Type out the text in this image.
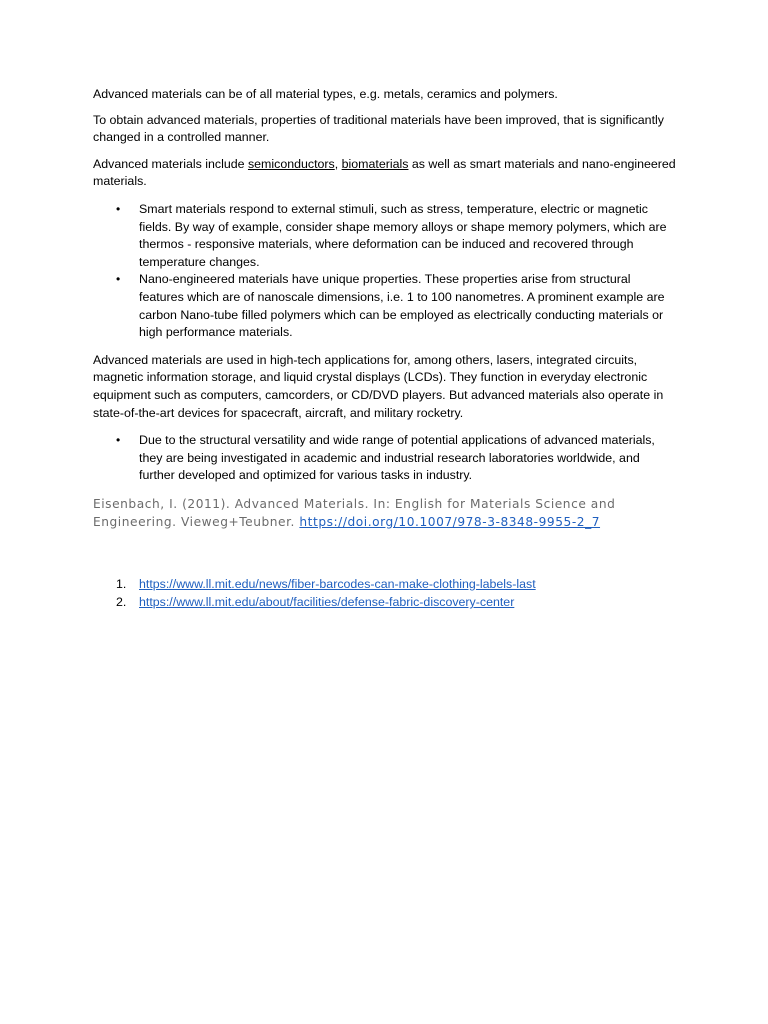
Advanced materials can be of all material types, e.g. metals, ceramics and polymers.

To obtain advanced materials, properties of traditional materials have been improved, that is significantly changed in a controlled manner.

Advanced materials include semiconductors, biomaterials as well as smart materials and nano-engineered materials.

• Smart materials respond to external stimuli, such as stress, temperature, electric or magnetic fields. By way of example, consider shape memory alloys or shape memory polymers, which are thermos - responsive materials, where deformation can be induced and recovered through temperature changes.
• Nano-engineered materials have unique properties. These properties arise from structural features which are of nanoscale dimensions, i.e. 1 to 100 nanometres. A prominent example are carbon Nano-tube filled polymers which can be employed as electrically conducting materials or high performance materials.

Advanced materials are used in high-tech applications for, among others, lasers, integrated circuits, magnetic information storage, and liquid crystal displays (LCDs). They function in everyday electronic equipment such as computers, camcorders, or CD/DVD players. But advanced materials also operate in state-of-the-art devices for spacecraft, aircraft, and military rocketry.

• Due to the structural versatility and wide range of potential applications of advanced materials, they are being investigated in academic and industrial research laboratories worldwide, and further developed and optimized for various tasks in industry.

Eisenbach, I. (2011). Advanced Materials. In: English for Materials Science and Engineering. Vieweg+Teubner. https://doi.org/10.1007/978-3-8348-9955-2_7

1. https://www.ll.mit.edu/news/fiber-barcodes-can-make-clothing-labels-last
2. https://www.ll.mit.edu/about/facilities/defense-fabric-discovery-center
